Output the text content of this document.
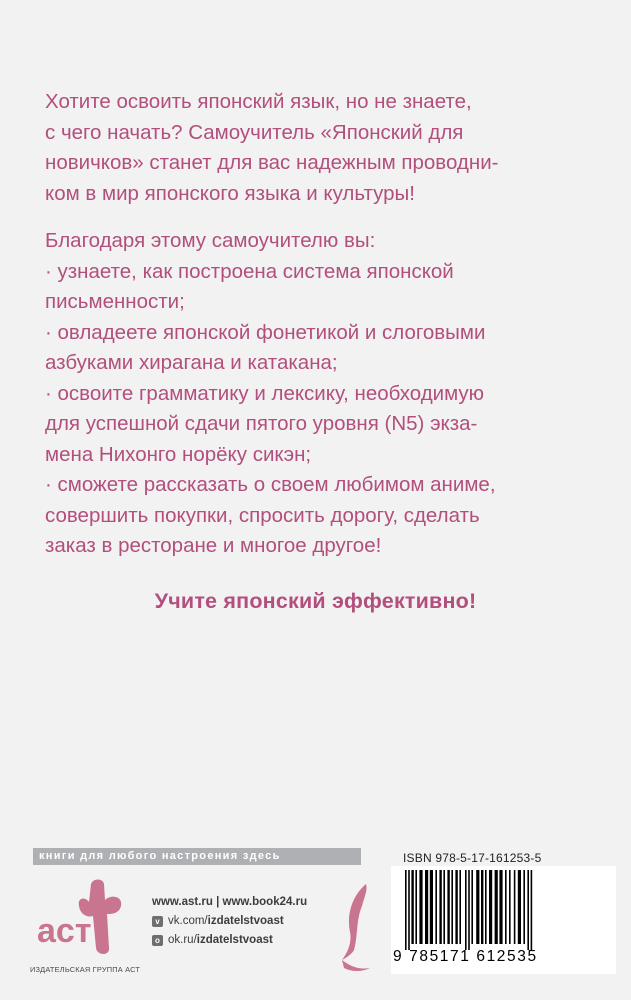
Хотите освоить японский язык, но не знаете,
с чего начать? Самоучитель «Японский для
новичков» станет для вас надежным проводни-
ком в мир японского языка и культуры!
Благодаря этому самоучителю вы:
· узнаете, как построена система японской
письменности;
· овладеете японской фонетикой и слоговыми
азбуками хирагана и катакана;
· освоите грамматику и лексику, необходимую
для успешной сдачи пятого уровня (N5) экза-
мена Нихонго норёку сикэн;
· сможете рассказать о своем любимом аниме,
совершить покупки, спросить дорогу, сделать
заказ в ресторане и многое другое!
Учите японский эффективно!
книги для любого настроения здесь
аст
ИЗДАТЕЛЬСКАЯ ГРУППА АСТ
www.ast.ru | www.book24.ru
v vk.com/ izdatelstvoast
o ok.ru/ izdatelstvoast
ISBN 978-5-17-161253-5
9 785171 612535
